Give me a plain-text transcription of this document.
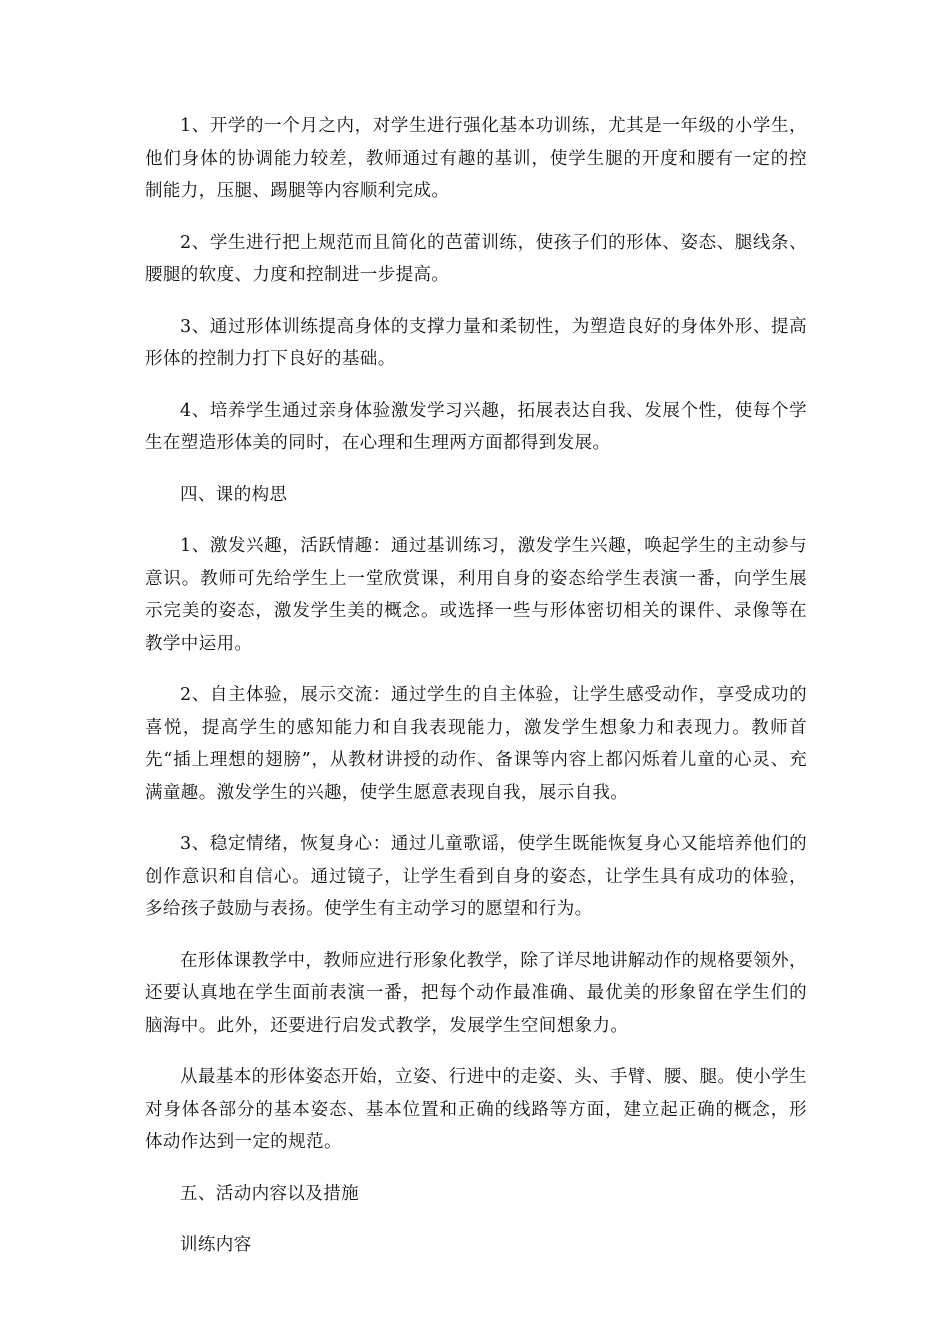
1、开学的一个月之内，对学生进行强化基本功训练，尤其是一年级的小学生，他们身体的协调能力较差，教师通过有趣的基训，使学生腿的开度和腰有一定的控制能力，压腿、踢腿等内容顺利完成。

2、学生进行把上规范而且简化的芭蕾训练，使孩子们的形体、姿态、腿线条、腰腿的软度、力度和控制进一步提高。

3、通过形体训练提高身体的支撑力量和柔韧性，为塑造良好的身体外形、提高形体的控制力打下良好的基础。

4、培养学生通过亲身体验激发学习兴趣，拓展表达自我、发展个性，使每个学生在塑造形体美的同时，在心理和生理两方面都得到发展。

四、课的构思

1、激发兴趣，活跃情趣：通过基训练习，激发学生兴趣，唤起学生的主动参与意识。教师可先给学生上一堂欣赏课，利用自身的姿态给学生表演一番，向学生展示完美的姿态，激发学生美的概念。或选择一些与形体密切相关的课件、录像等在教学中运用。

2、自主体验，展示交流：通过学生的自主体验，让学生感受动作，享受成功的喜悦，提高学生的感知能力和自我表现能力，激发学生想象力和表现力。教师首先“插上理想的翅膀”，从教材讲授的动作、备课等内容上都闪烁着儿童的心灵、充满童趣。激发学生的兴趣，使学生愿意表现自我，展示自我。

3、稳定情绪，恢复身心：通过儿童歌谣，使学生既能恢复身心又能培养他们的创作意识和自信心。通过镜子，让学生看到自身的姿态，让学生具有成功的体验，多给孩子鼓励与表扬。使学生有主动学习的愿望和行为。

在形体课教学中，教师应进行形象化教学，除了详尽地讲解动作的规格要领外，还要认真地在学生面前表演一番，把每个动作最准确、最优美的形象留在学生们的脑海中。此外，还要进行启发式教学，发展学生空间想象力。

从最基本的形体姿态开始，立姿、行进中的走姿、头、手臂、腰、腿。使小学生对身体各部分的基本姿态、基本位置和正确的线路等方面，建立起正确的概念，形体动作达到一定的规范。

五、活动内容以及措施

训练内容
